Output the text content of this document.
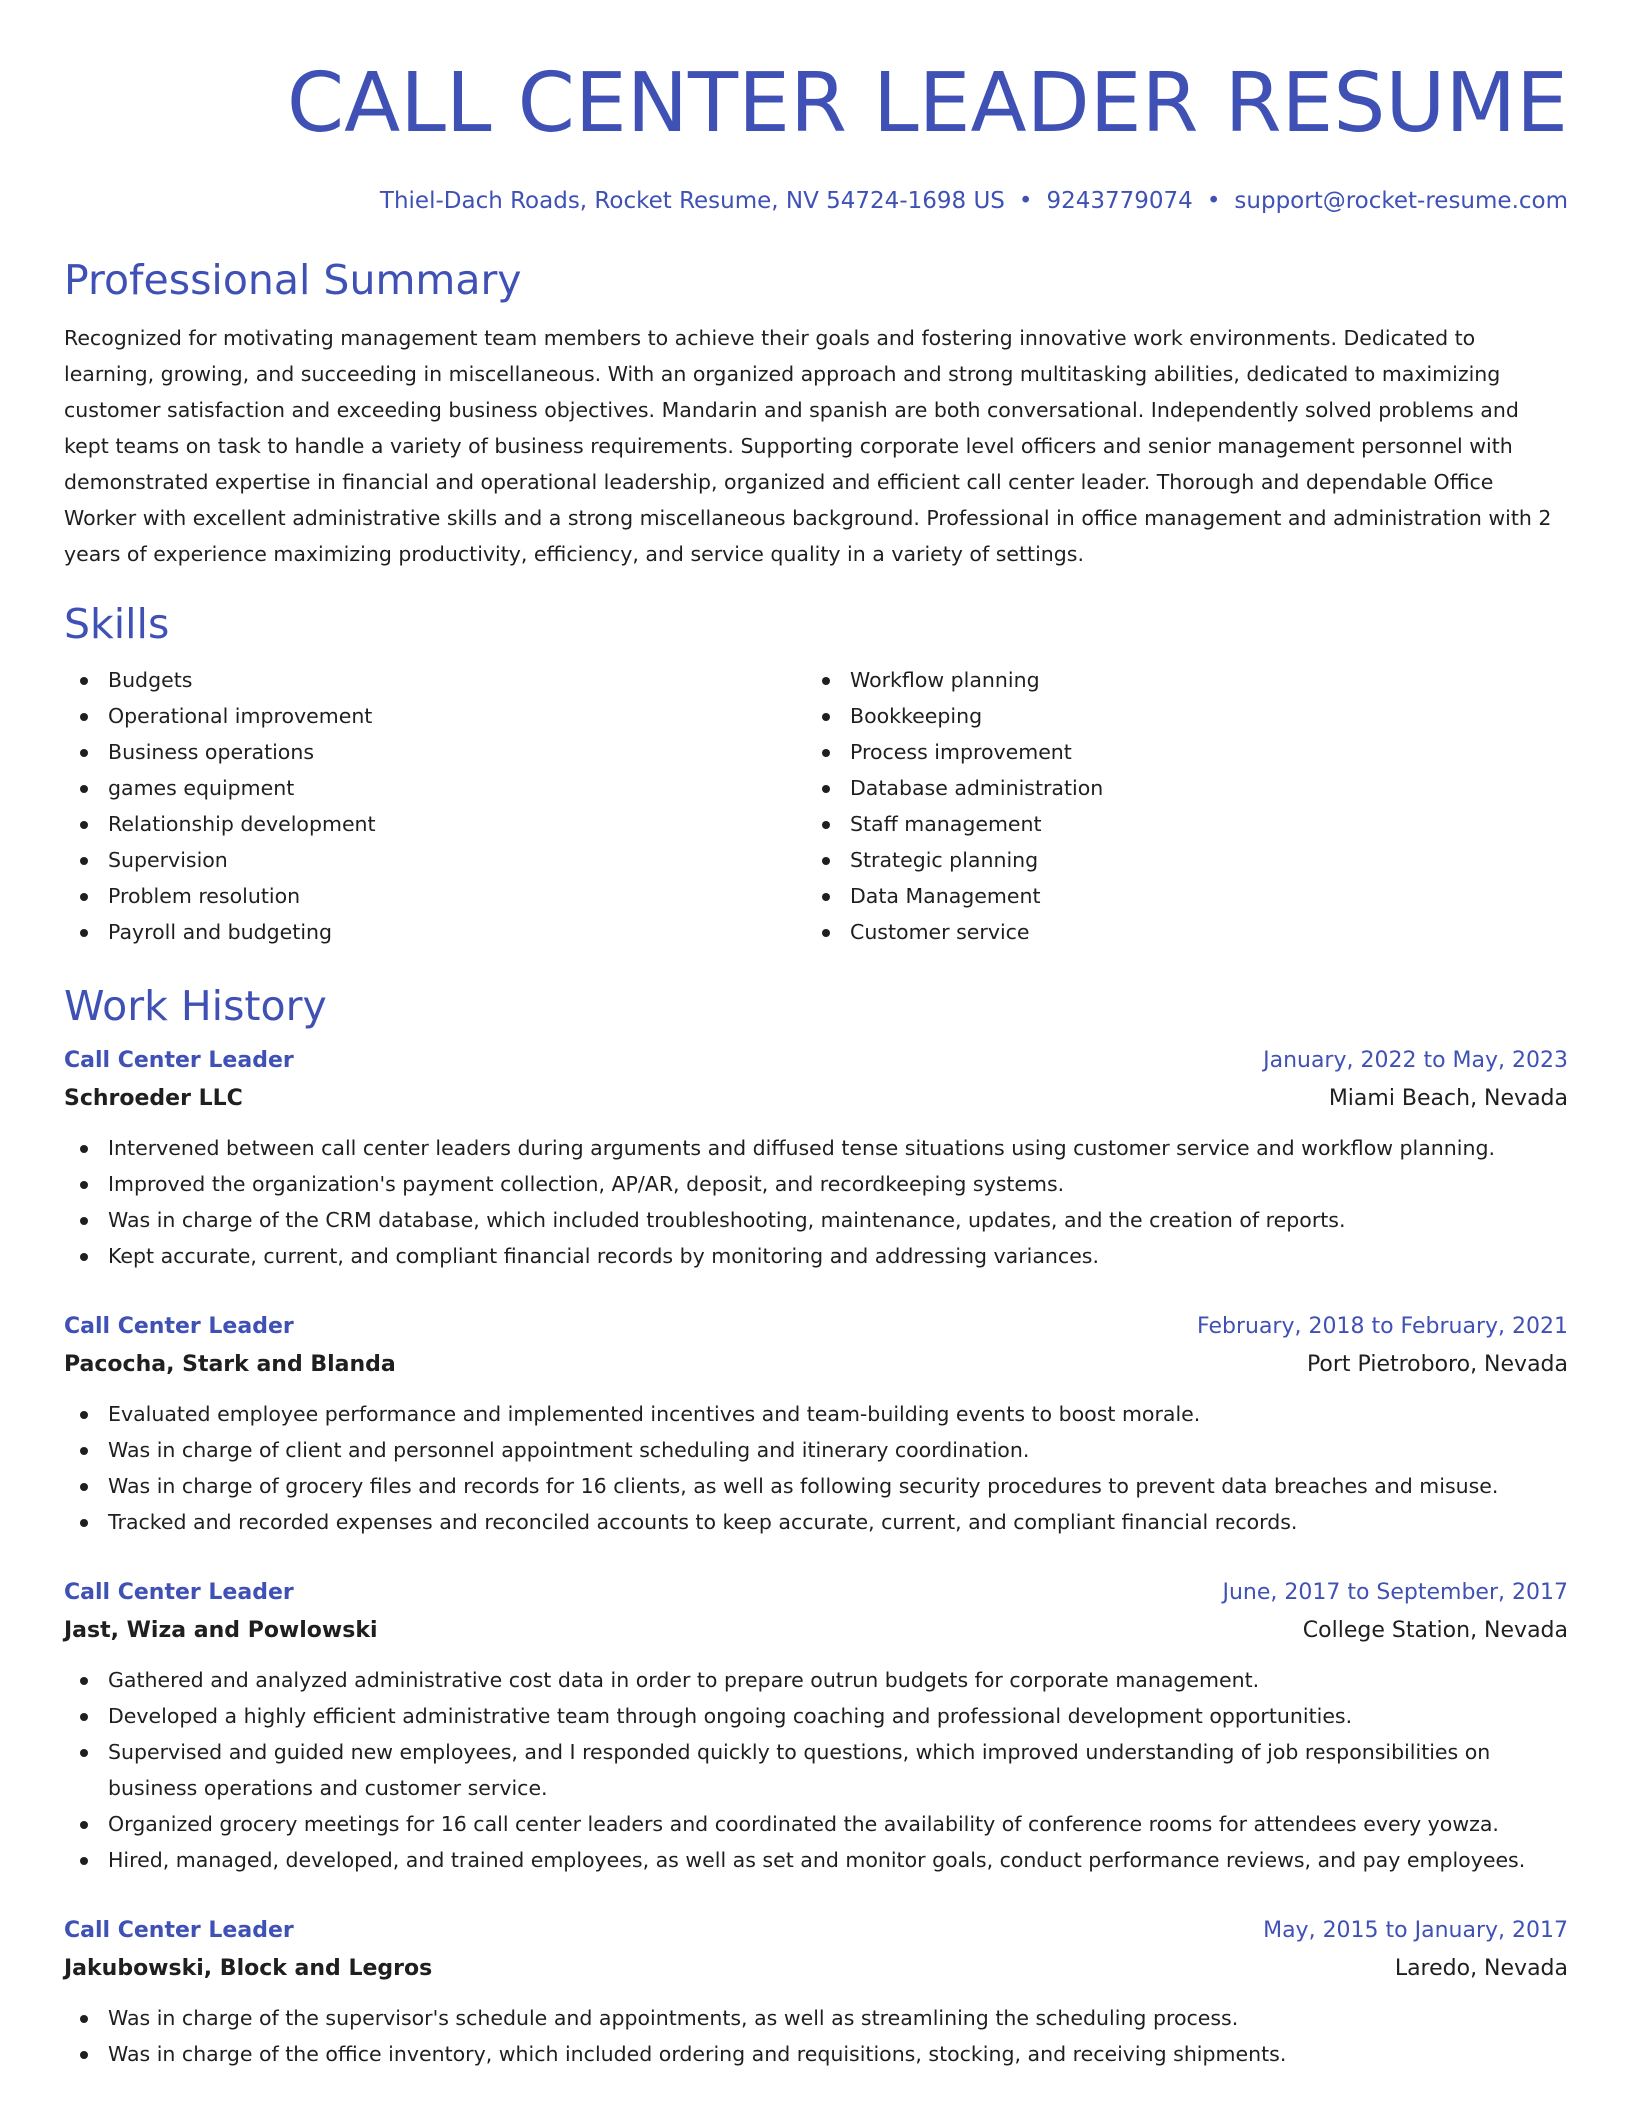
CALL CENTER LEADER RESUME
Thiel-Dach Roads, Rocket Resume, NV 54724-1698 US • 9243779074 • support@rocket-resume.com
Professional Summary

Recognized for motivating management team members to achieve their goals and fostering innovative work environments. Dedicated to learning, growing, and succeeding in miscellaneous. With an organized approach and strong multitasking abilities, dedicated to maximizing customer satisfaction and exceeding business objectives. Mandarin and spanish are both conversational. Independently solved problems and kept teams on task to handle a variety of business requirements. Supporting corporate level officers and senior management personnel with demonstrated expertise in financial and operational leadership, organized and efficient call center leader. Thorough and dependable Office Worker with excellent administrative skills and a strong miscellaneous background. Professional in office management and administration with 2 years of experience maximizing productivity, efficiency, and service quality in a variety of settings.

Skills
Budgets
Operational improvement
Business operations
games equipment
Relationship development
Supervision
Problem resolution
Payroll and budgeting
Workflow planning
Bookkeeping
Process improvement
Database administration
Staff management
Strategic planning
Data Management
Customer service
Work History
Call Center Leader	January, 2022 to May, 2023
Schroeder LLC	Miami Beach, Nevada
Intervened between call center leaders during arguments and diffused tense situations using customer service and workflow planning.
Improved the organization's payment collection, AP/AR, deposit, and recordkeeping systems.
Was in charge of the CRM database, which included troubleshooting, maintenance, updates, and the creation of reports.
Kept accurate, current, and compliant financial records by monitoring and addressing variances.
Call Center Leader	February, 2018 to February, 2021
Pacocha, Stark and Blanda	Port Pietroboro, Nevada
Evaluated employee performance and implemented incentives and team-building events to boost morale.
Was in charge of client and personnel appointment scheduling and itinerary coordination.
Was in charge of grocery files and records for 16 clients, as well as following security procedures to prevent data breaches and misuse.
Tracked and recorded expenses and reconciled accounts to keep accurate, current, and compliant financial records.
Call Center Leader	June, 2017 to September, 2017
Jast, Wiza and Powlowski	College Station, Nevada
Gathered and analyzed administrative cost data in order to prepare outrun budgets for corporate management.
Developed a highly efficient administrative team through ongoing coaching and professional development opportunities.
Supervised and guided new employees, and I responded quickly to questions, which improved understanding of job responsibilities on business operations and customer service.
Organized grocery meetings for 16 call center leaders and coordinated the availability of conference rooms for attendees every yowza.
Hired, managed, developed, and trained employees, as well as set and monitor goals, conduct performance reviews, and pay employees.
Call Center Leader	May, 2015 to January, 2017
Jakubowski, Block and Legros	Laredo, Nevada
Was in charge of the supervisor's schedule and appointments, as well as streamlining the scheduling process.
Was in charge of the office inventory, which included ordering and requisitions, stocking, and receiving shipments.
